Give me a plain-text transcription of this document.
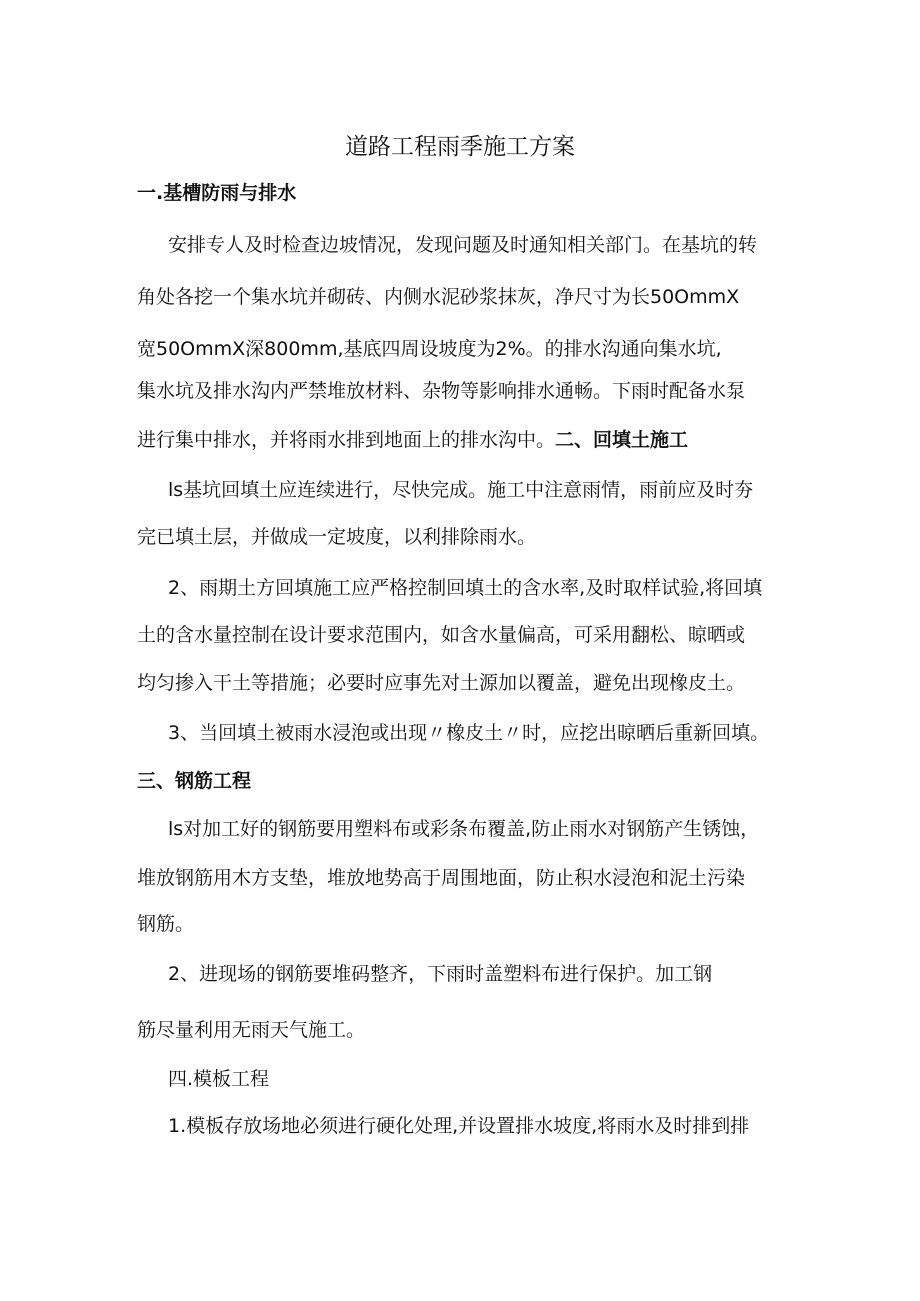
道路工程雨季施工方案
一.基槽防雨与排水
安排专人及时检查边坡情况，发现问题及时通知相关部门。在基坑的转
角处各挖一个集水坑并砌砖、内侧水泥砂浆抹灰，净尺寸为长50OmmX
宽50OmmX深800mm,基底四周设坡度为2%。的排水沟通向集水坑,
集水坑及排水沟内严禁堆放材料、杂物等影响排水通畅。下雨时配备水泵
进行集中排水，并将雨水排到地面上的排水沟中。二、回填土施工
ls基坑回填土应连续进行，尽快完成。施工中注意雨情，雨前应及时夯
完已填土层，并做成一定坡度，以利排除雨水。
2、雨期土方回填施工应严格控制回填土的含水率,及时取样试验,将回填
土的含水量控制在设计要求范围内，如含水量偏高，可采用翻松、晾晒或
均匀掺入干土等措施；必要时应事先对土源加以覆盖，避免出现橡皮土。
3、当回填土被雨水浸泡或出现〃橡皮土〃时，应挖出晾晒后重新回填。
三、钢筋工程
ls对加工好的钢筋要用塑料布或彩条布覆盖,防止雨水对钢筋产生锈蚀，
堆放钢筋用木方支垫，堆放地势高于周围地面，防止积水浸泡和泥土污染
钢筋。
2、进现场的钢筋要堆码整齐，下雨时盖塑料布进行保护。加工钢
筋尽量利用无雨天气施工。
四.模板工程
1.模板存放场地必须进行硬化处理,并设置排水坡度,将雨水及时排到排
